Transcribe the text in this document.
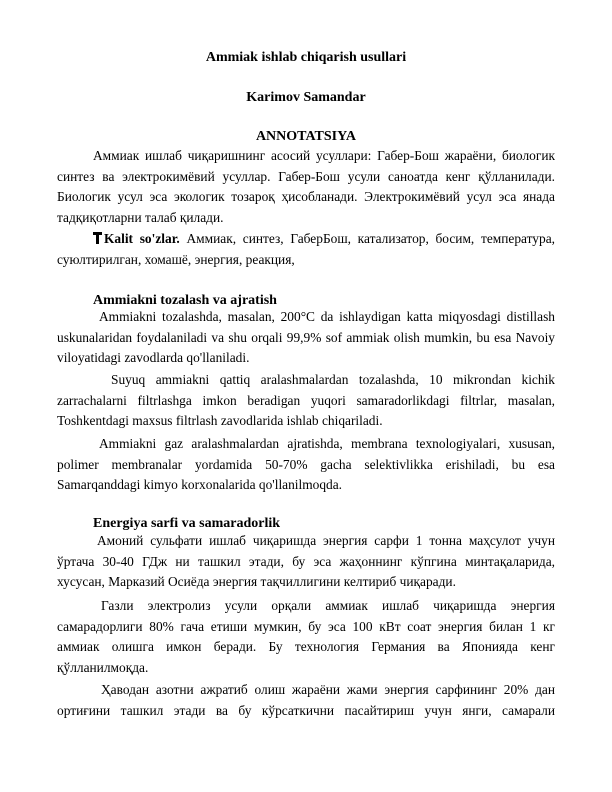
Ammiak ishlab chiqarish usullari
Karimov Samandar
ANNOTATSIYA
Аммиак ишлаб чиқаришнинг асосий усуллари: Габер-Бош жараёни, биологик синтез ва электрокимёвий усуллар. Габер-Бош усули саноатда кенг қўлланилади. Биологик усул эса экологик тозароқ ҳисобланади. Электрокимёвий усул эса янада тадқиқотларни талаб қилади.
Kalit so'zlar. Аммиак, синтез, ГаберБош, катализатор, босим, температура, суюлтирилган, хомашё, энергия, реакция,
Ammiakni tozalash va ajratish
Ammiakni tozalashda, masalan, 200°C da ishlaydigan katta miqyosdagi distillash uskunalaridan foydalaniladi va shu orqali 99,9% sof ammiak olish mumkin, bu esa Navoiy viloyatidagi zavodlarda qo'llaniladi.
Suyuq ammiakni qattiq aralashmalardan tozalashda, 10 mikrondan kichik zarrachalarni filtrlashga imkon beradigan yuqori samaradorlikdagi filtrlar, masalan, Toshkentdagi maxsus filtrlash zavodlarida ishlab chiqariladi.
Ammiakni gaz aralashmalardan ajratishda, membrana texnologiyalari, xususan, polimer membranalar yordamida 50-70% gacha selektivlikka erishiladi, bu esa Samarqanddagi kimyo korxonalarida qo'llanilmoqda.
Energiya sarfi va samaradorlik
Амоний сульфати ишлаб чиқаришда энергия сарфи 1 тонна маҳсулот учун ўртача 30-40 ГДж ни ташкил этади, бу эса жаҳоннинг кўпгина минтақаларида, хусусан, Марказий Осиёда энергия тақчиллигини келтириб чиқаради.
Газли электролиз усули орқали аммиак ишлаб чиқаришда энергия самарадорлиги 80% гача етиши мумкин, бу эса 100 кВт соат энергия билан 1 кг аммиак олишга имкон беради. Бу технология Германия ва Японияда кенг қўлланилмоқда.
Ҳаводан азотни ажратиб олиш жараёни жами энергия сарфининг 20% дан ортиғини ташкил этади ва бу кўрсаткични пасайтириш учун янги, самарали
